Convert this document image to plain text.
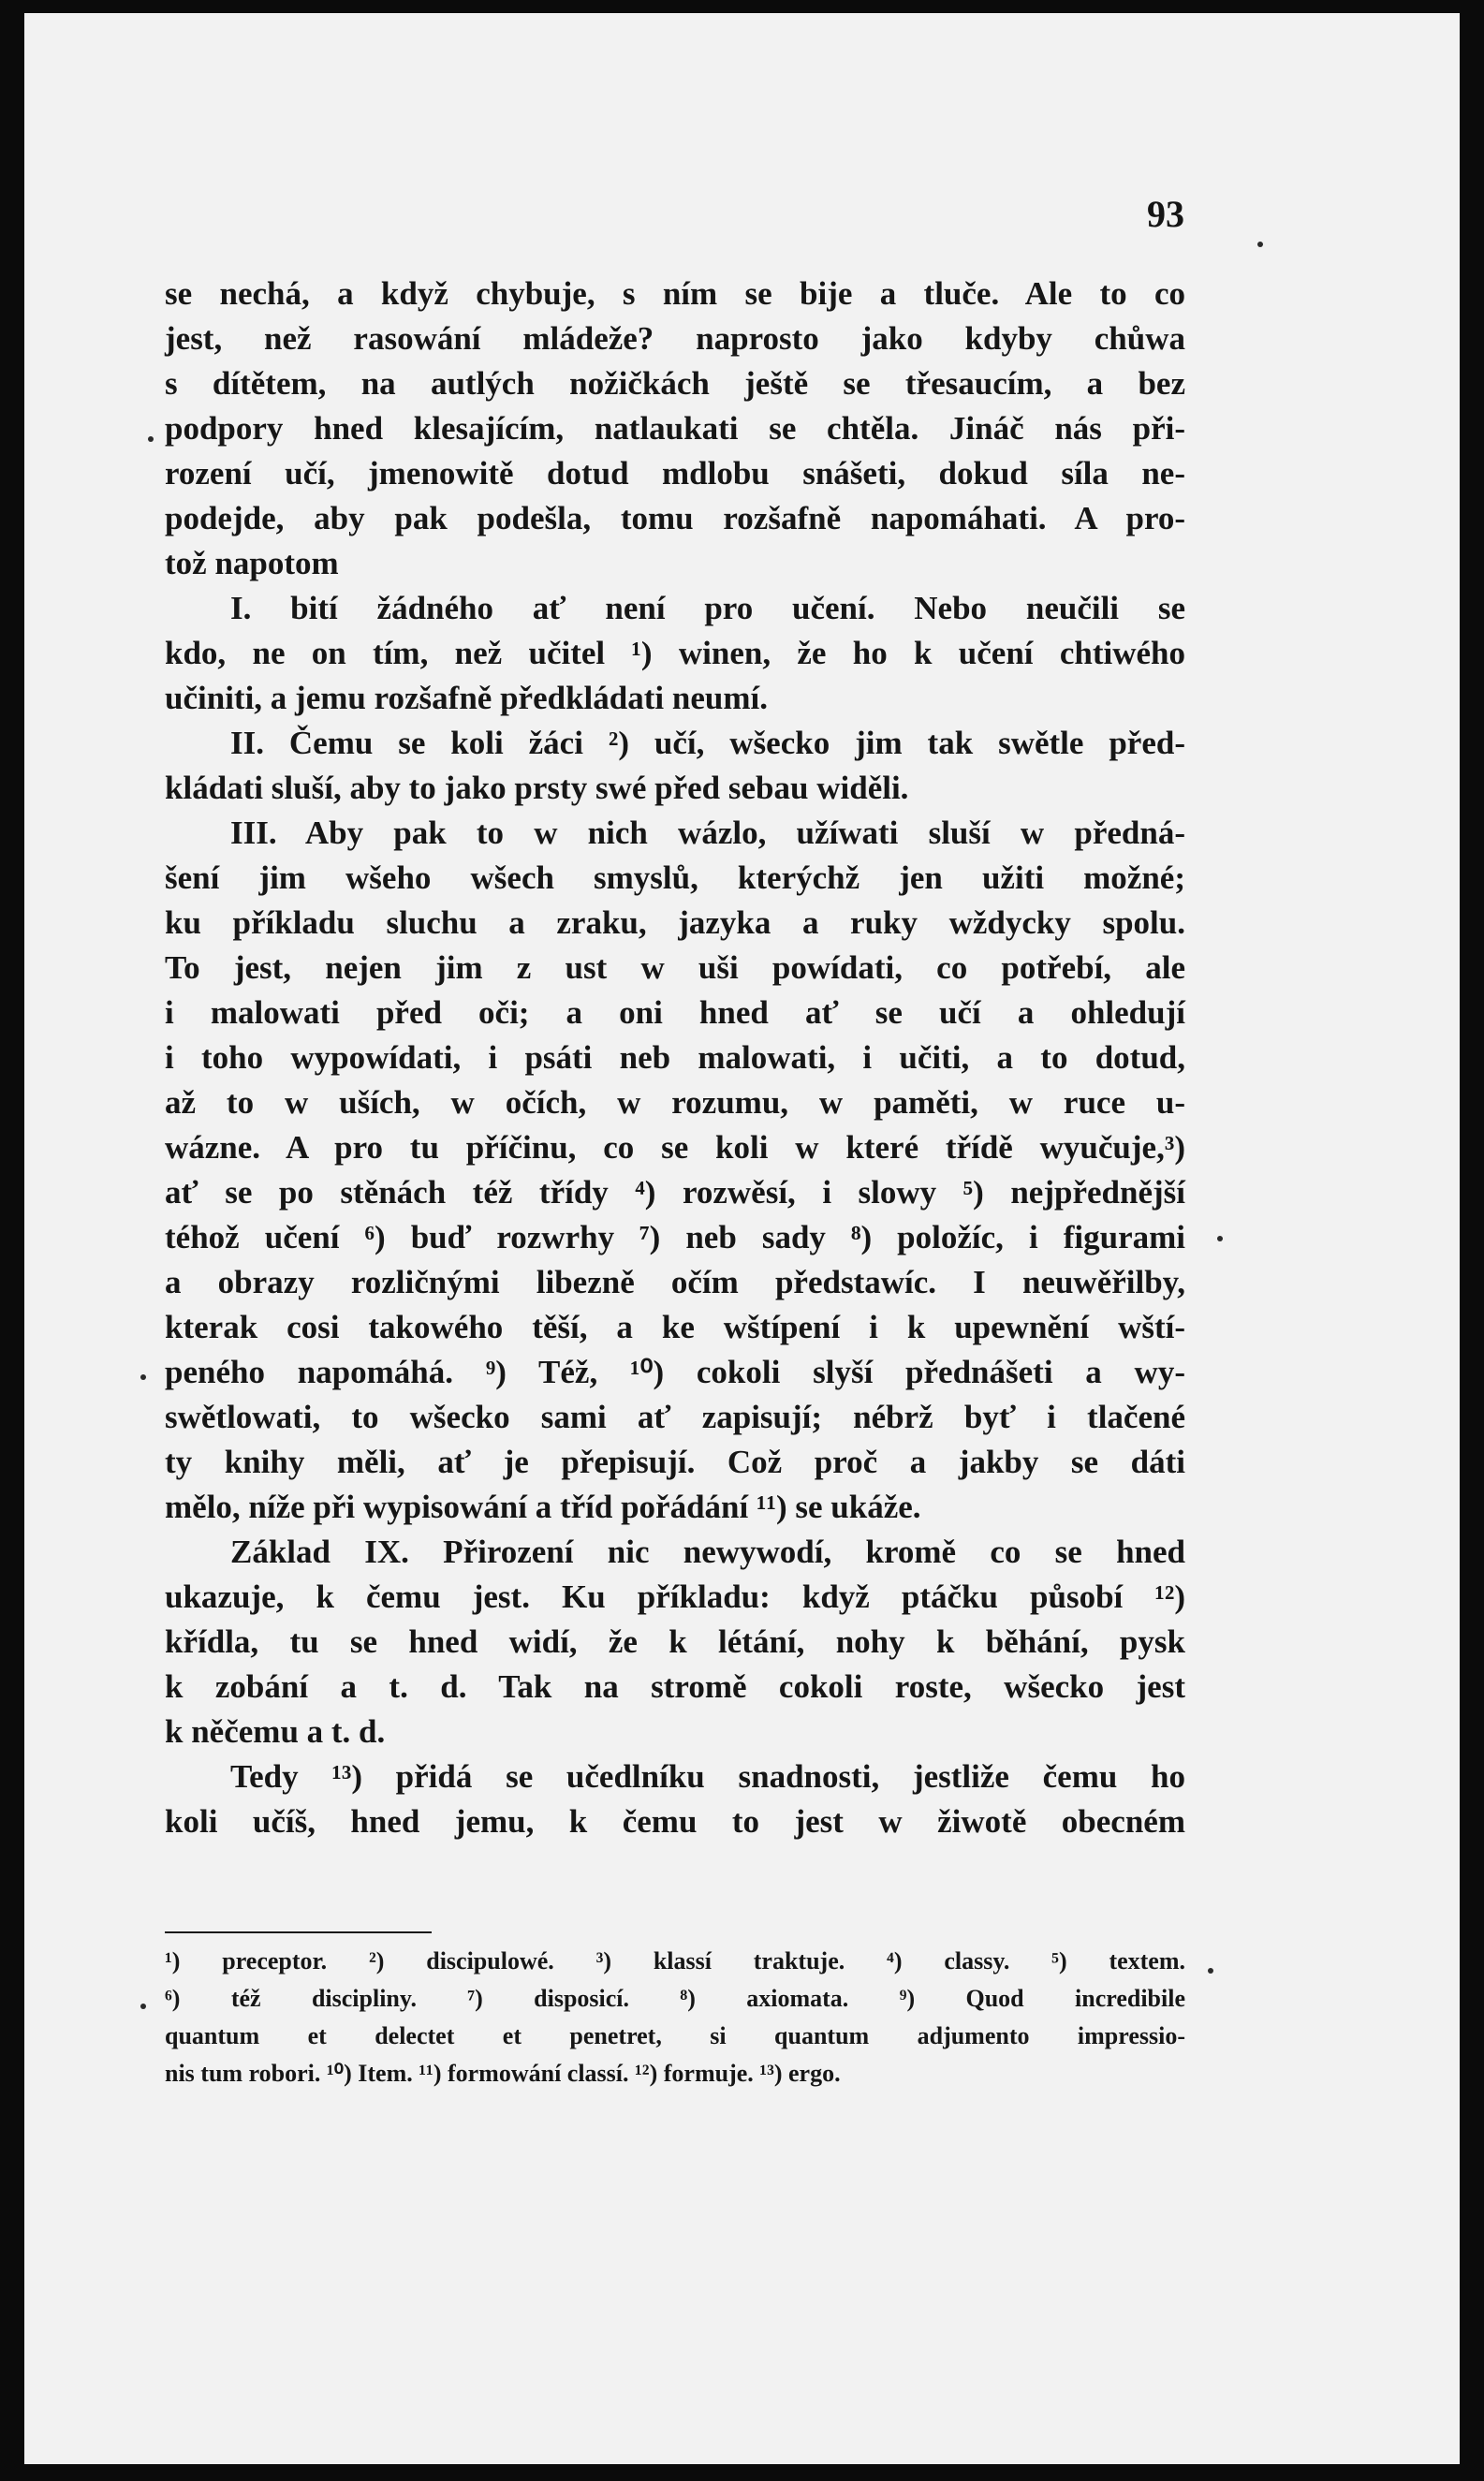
93
se nechá, a když chybuje, s ním se bije a tluče. Ale to co
jest, než rasowání mládeže? naprosto jako kdyby chůwa
s dítětem, na autlých nožičkách ještě se třesaucím, a bez
podpory hned klesajícím, natlaukati se chtěla. Jináč nás při-
rození učí, jmenowitě dotud mdlobu snášeti, dokud síla ne-
podejde, aby pak podešla, tomu rozšafně napomáhati. A pro-
tož napotom
I. bití žádného ať není pro učení. Nebo neučili se
kdo, ne on tím, než učitel ¹) winen, že ho k učení chtiwého
učiniti, a jemu rozšafně předkládati neumí.
II. Čemu se koli žáci ²) učí, wšecko jim tak swětle před-
kládati sluší, aby to jako prsty swé před sebau widěli.
III. Aby pak to w nich wázlo, užíwati sluší w předná-
šení jim wšeho wšech smyslů, kterýchž jen užiti možné;
ku příkladu sluchu a zraku, jazyka a ruky wždycky spolu.
To jest, nejen jim z ust w uši powídati, co potřebí, ale
i malowati před oči; a oni hned ať se učí a ohledují
i toho wypowídati, i psáti neb malowati, i učiti, a to dotud,
až to w uších, w očích, w rozumu, w paměti, w ruce u-
wázne. A pro tu příčinu, co se koli w které třídě wyučuje,³)
ať se po stěnách též třídy ⁴) rozwěsí, i slowy ⁵) nejpřednější
téhož učení ⁶) buď rozwrhy ⁷) neb sady ⁸) položíc, i figurami
a obrazy rozličnými libezně očím předstawíc. I neuwěřilby,
kterak cosi takowého těší, a ke wštípení i k upewnění wští-
peného napomáhá. ⁹) Též, ¹⁰) cokoli slyší přednášeti a wy-
swětlowati, to wšecko sami ať zapisují; nébrž byť i tlačené
ty knihy měli, ať je přepisují. Což proč a jakby se dáti
mělo, níže při wypisowání a tříd pořádání ¹¹) se ukáže.
Základ IX. Přirození nic newywodí, kromě co se hned
ukazuje, k čemu jest. Ku příkladu: když ptáčku působí ¹²)
křídla, tu se hned widí, že k létání, nohy k běhání, pysk
k zobání a t. d. Tak na stromě cokoli roste, wšecko jest
k něčemu a t. d.
Tedy ¹³) přidá se učedlníku snadnosti, jestliže čemu ho
koli učíš, hned jemu, k čemu to jest w žiwotě obecném
¹) preceptor. ²) discipulowé. ³) klassí traktuje. ⁴) classy. ⁵) textem.
⁶) též discipliny. ⁷) disposicí. ⁸) axiomata. ⁹) Quod incredibile
quantum et delectet et penetret, si quantum adjumento impressio-
nis tum robori. ¹⁰) Item. ¹¹) formowání classí. ¹²) formuje. ¹³) ergo.
